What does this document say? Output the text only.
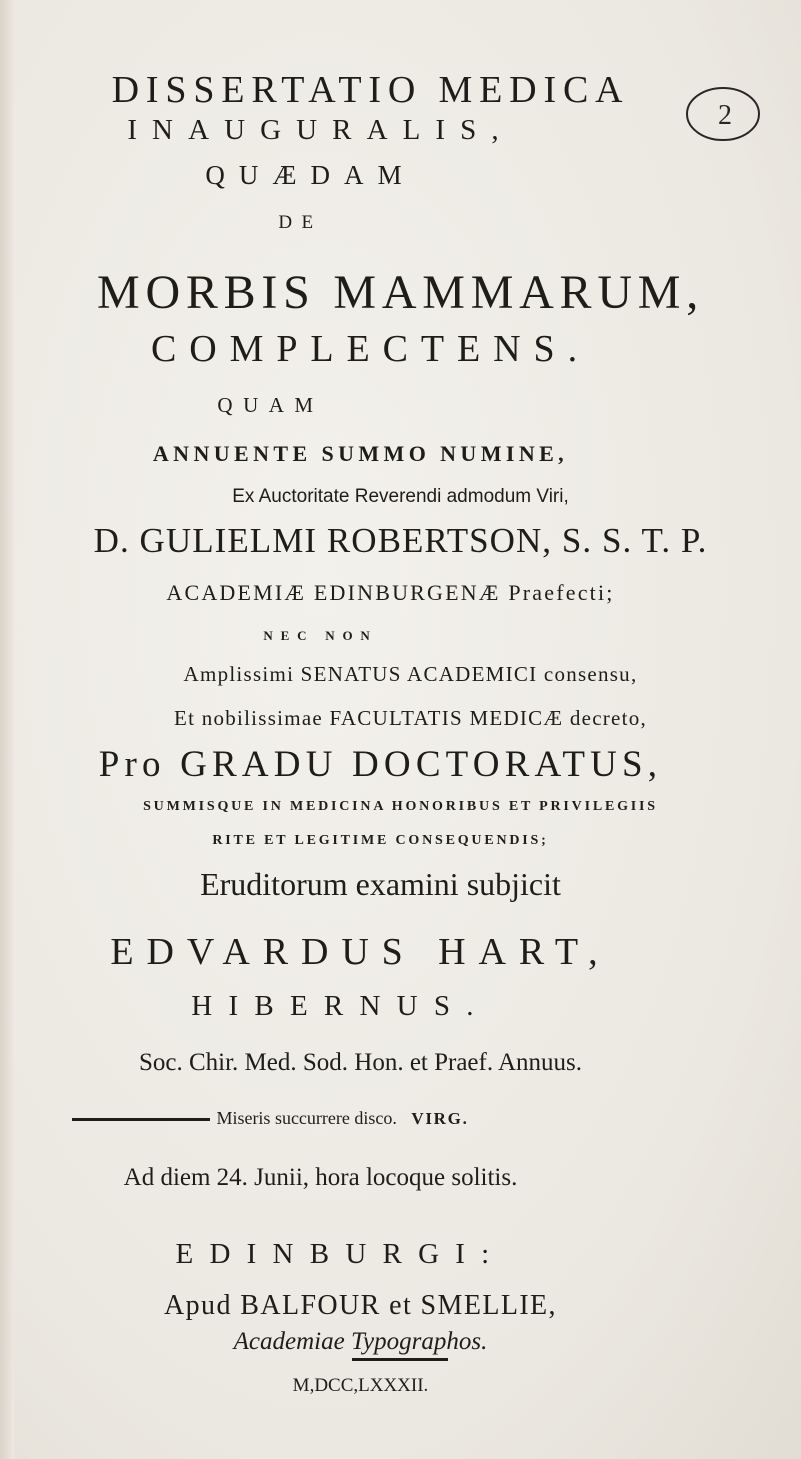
DISSERTATIO MEDICA
INAUGURALIS,
QUÆDAM
2
DE
MORBIS MAMMARUM,
COMPLECTENS.
QUAM
ANNUENTE SUMMO NUMINE,
Ex Auctoritate Reverendi admodum Viri,
D. GULIELMI ROBERTSON, S. S. T. P.
ACADEMIÆ EDINBURGENÆ Praefecti;
NEC NON
Amplissimi SENATUS ACADEMICI consensu,
Et nobilissimae FACULTATIS MEDICÆ decreto,
Pro GRADU DOCTORATUS,
SUMMISQUE IN MEDICINA HONORIBUS ET PRIVILEGIIS
RITE ET LEGITIME CONSEQUENDIS;
Eruditorum examini subjicit
EDVARDUS HART,
HIBERNUS.
Soc. Chir. Med. Sod. Hon. et Praef. Annuus.
Miseris succurrere disco. VIRG.
Ad diem 24. Junii, hora locoque solitis.
EDINBURGI:
Apud BALFOUR et SMELLIE,
Academiae Typographos.
M,DCC,LXXXII.
